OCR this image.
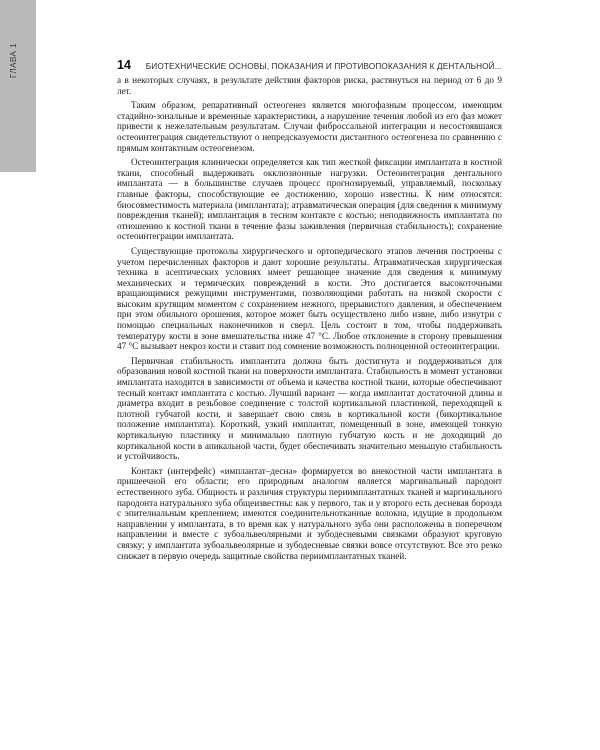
ГЛАВА 1	14	БИОТЕХНИЧЕСКИЕ ОСНОВЫ, ПОКАЗАНИЯ И ПРОТИВОПОКАЗАНИЯ К ДЕНТАЛЬНОЙ...

а в некоторых случаях, в результате действия факторов риска, растянуться на период от 6 до 9 лет.

Таким образом, репаративный остеогенез является многофазным процессом, имеющим стадийно-зональные и временные характеристики, а нарушение течения любой из его фаз может привести к нежелательным результатам. Случаи фиброссальной интеграции и несостоявшаяся остеоинтеграция свидетельствуют о непредсказуемости дистантного остеогенеза по сравнению с прямым контактным остеогенезом.

Остеоинтеграция клинически определяется как тип жесткой фиксации имплантата в костной ткани, способный выдерживать окклюзионные нагрузки. Остеоинтеграция дентального имплантата — в большинстве случаев процесс прогнозируемый, управляемый, поскольку главные факторы, способствующие ее достижению, хорошо известны. К ним относятся: биосовместимость материала (имплантата); атравматическая операция (для сведения к минимуму повреждения тканей); имплантация в тесном контакте с костью; неподвижность имплантата по отношению к костной ткани в течение фазы заживления (первичная стабильность); сохранение остеоинтеграции имплантата.

Существующие протоколы хирургического и ортопедического этапов лечения построены с учетом перечисленных факторов и дают хорошие результаты. Атравматическая хирургическая техника в асептических условиях имеет решающее значение для сведения к минимуму механических и термических повреждений в кости. Это достигается высокоточными вращающимися режущими инструментами, позволяющими работать на низкой скорости с высоким крутящим моментом с сохранением нежного, прерывистого давления, и обеспечением при этом обильного орошения, которое может быть осуществлено либо извне, либо изнутри с помощью специальных наконечников и сверл. Цель состоит в том, чтобы поддерживать температуру кости в зоне вмешательства ниже 47 °С. Любое отклонение в сторону превышения 47 °С вызывает некроз кости и ставит под сомнение возможность полноценной остеоинтеграции.

Первичная стабильность имплантата должна быть достигнута и поддерживаться для образования новой костной ткани на поверхности имплантата. Стабильность в момент установки имплантата находится в зависимости от объема и качества костной ткани, которые обеспечивают тесный контакт имплантата с костью. Лучший вариант — когда имплантат достаточной длины и диаметра входит в резьбовое соединение с толстой кортикальной пластинкой, переходящей к плотной губчатой кости, и завершает свою связь в кортикальной кости (бикортикальное положение имплантата). Короткий, узкий имплантат, помещенный в зоне, имеющей тонкую кортикальную пластинку и минимально плотную губчатую кость и не доходящий до кортикальной кости в апикальной части, будет обеспечивать значительно меньшую стабильность и устойчивость.

Контакт (интерфейс) «имплантат–десна» формируется во внекостной части имплантата в пришеечной его области; его природным аналогом является маргинальный пародонт естественного зуба. Общность и различия структуры периимплантатных тканей и маргинального пародонта натурального зуба общеизвестны: как у первого, так и у второго есть десневая борозда с эпителиальным креплением; имеются соединительнотканные волокна, идущие в продольном направлении у имплантата, в то время как у натурального зуба они расположены в поперечном направлении и вместе с зубоальвеолярными и зубодесневыми связками образуют круговую связку; у имплантата зубоальвеолярные и зубодесневые связки вовсе отсутствуют. Все это резко снижает в первую очередь защитные свойства периимплантатных тканей.
